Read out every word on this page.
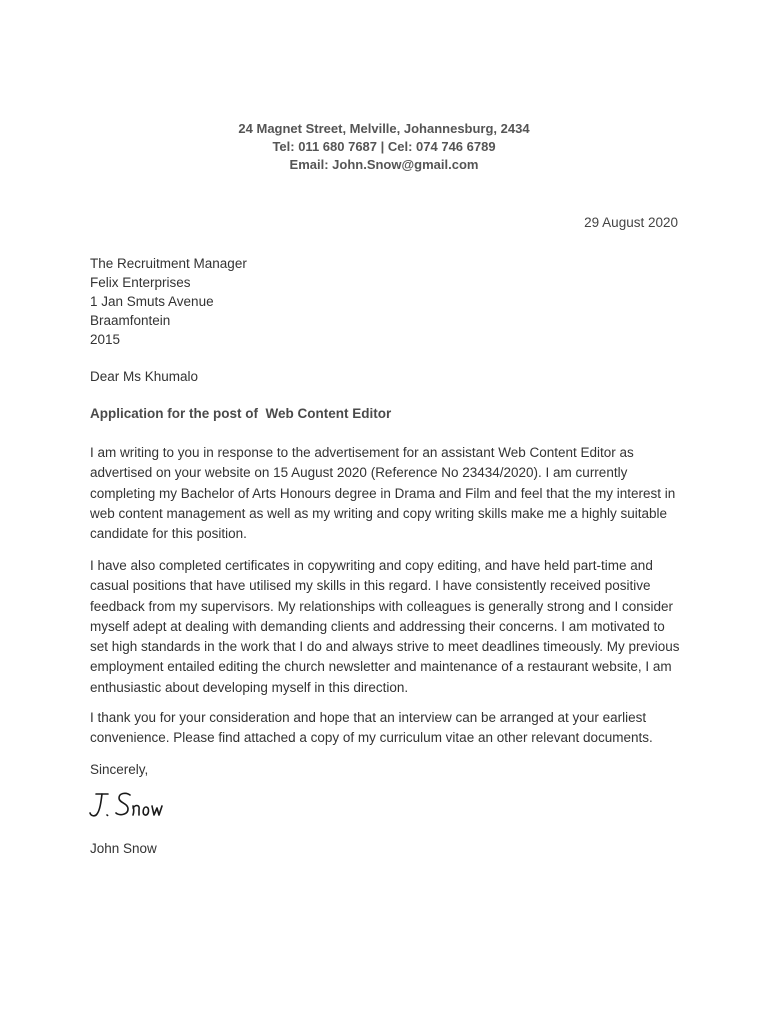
24 Magnet Street, Melville, Johannesburg, 2434
Tel: 011 680 7687 | Cel: 074 746 6789
Email: John.Snow@gmail.com
29 August 2020
The Recruitment Manager
Felix Enterprises
1 Jan Smuts Avenue
Braamfontein
2015
Dear Ms Khumalo
Application for the post of  Web Content Editor
I am writing to you in response to the advertisement for an assistant Web Content Editor as advertised on your website on 15 August 2020 (Reference No 23434/2020). I am currently completing my Bachelor of Arts Honours degree in Drama and Film and feel that the my interest in web content management as well as my writing and copy writing skills make me a highly suitable candidate for this position.
I have also completed certificates in copywriting and copy editing, and have held part-time and casual positions that have utilised my skills in this regard. I have consistently received positive feedback from my supervisors. My relationships with colleagues is generally strong and I consider myself adept at dealing with demanding clients and addressing their concerns. I am motivated to set high standards in the work that I do and always strive to meet deadlines timeously. My previous employment entailed editing the church newsletter and maintenance of a restaurant website, I am enthusiastic about developing myself in this direction.
I thank you for your consideration and hope that an interview can be arranged at your earliest convenience. Please find attached a copy of my curriculum vitae an other relevant documents.
Sincerely,
John Snow
